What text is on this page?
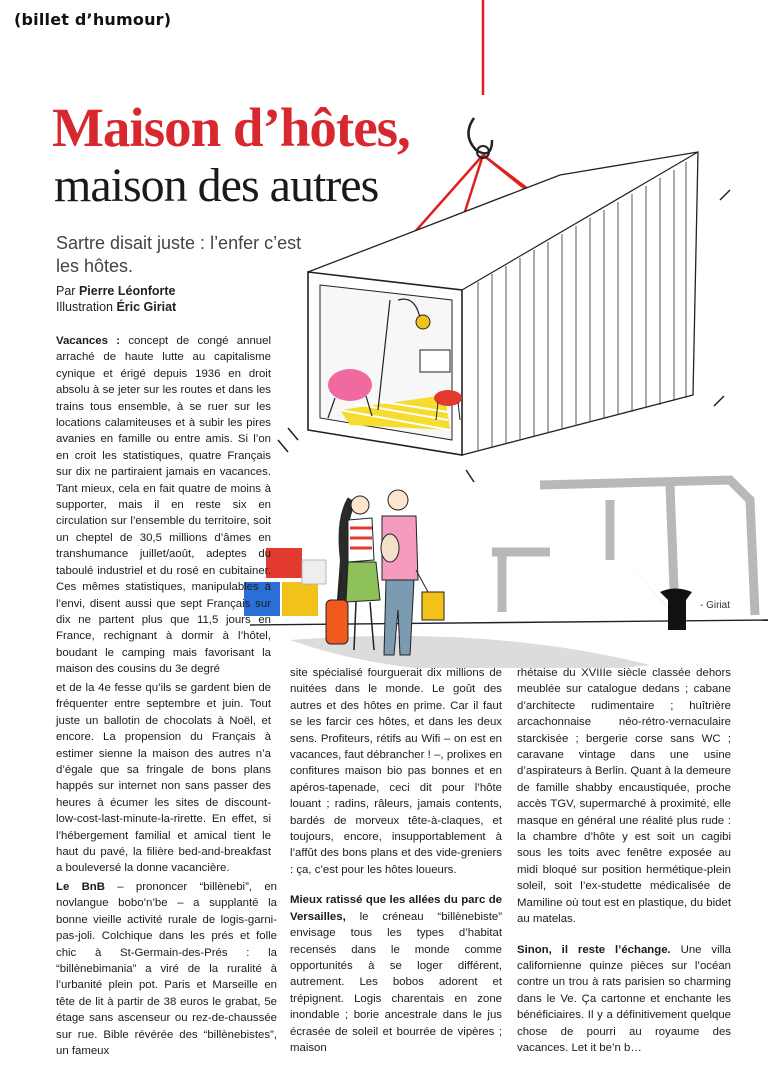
(billet d’humour)
Maison d’hôtes,
maison des autres
Sartre disait juste : l’enfer c’est les hôtes.
Par Pierre Léonforte
Illustration Éric Giriat
- Giriat

Vacances : concept de congé annuel arraché de haute lutte au capitalisme cynique et érigé depuis 1936 en droit absolu à se jeter sur les routes et dans les trains tous ensemble, à se ruer sur les locations calamiteuses et à subir les pires avanies en famille ou entre amis. Si l’on en croit les statistiques, quatre Français sur dix ne partiraient jamais en vacances. Tant mieux, cela en fait quatre de moins à supporter, mais il en reste six en circulation sur l’ensemble du territoire, soit un cheptel de 30,5 millions d’âmes en transhumance juillet/août, adeptes du taboulé industriel et du rosé en cubitainer. Ces mêmes statistiques, manipulables à l’envi, disent aussi que sept Français sur dix ne partent plus que 11,5 jours en France, rechignant à dormir à l’hôtel, boudant le camping mais favorisant la maison des cousins du 3e degré

et de la 4e fesse qu’ils se gardent bien de fréquenter entre septembre et juin. Tout juste un ballotin de chocolats à Noël, et encore. La propension du Français à estimer sienne la maison des autres n’a d’égale que sa fringale de bons plans happés sur internet non sans passer des heures à écumer les sites de discount-low-cost-last-minute-la-rirette. En effet, si l’hébergement familial et amical tient le haut du pavé, la filière bed-and-breakfast a bouleversé la donne vacancière.

Le BnB – prononcer “billènebi”, en novlangue bobo’n’be – a supplanté la bonne vieille activité rurale de logis-garni-pas-joli. Colchique dans les prés et folle chic à St-Germain-des-Prés : la “billènebimania” a viré de la ruralité à l’urbanité plein pot. Paris et Marseille en tête de lit à partir de 38 euros le grabat, 5e étage sans ascenseur ou rez-de-chaussée sur rue. Bible révérée des “billènebistes”, un fameux

site spécialisé fourguerait dix millions de nuitées dans le monde. Le goût des autres et des hôtes en prime. Car il faut se les farcir ces hôtes, et dans les deux sens. Profiteurs, rétifs au Wifi – on est en vacances, faut débrancher ! –, prolixes en confitures maison bio pas bonnes et en apéros-tapenade, ceci dit pour l’hôte louant ; radins, râleurs, jamais contents, bardés de morveux tête-à-claques, et toujours, encore, insupportablement à l’affût des bons plans et des vide-greniers : ça, c’est pour les hôtes loueurs.

Mieux ratissé que les allées du parc de Versailles, le créneau “billènebiste” envisage tous les types d’habitat recensés dans le monde comme opportunités à se loger différent, autrement. Les bobos adorent et trépignent. Logis charentais en zone inondable ; borie ancestrale dans le jus écrasée de soleil et bourrée de vipères ; maison

rhétaise du XVIIIe siècle classée dehors meublée sur catalogue dedans ; cabane d’architecte rudimentaire ; huîtrière arcachonnaise néo-rétro-vernaculaire starckisée ; bergerie corse sans WC ; caravane vintage dans une usine d’aspirateurs à Berlin. Quant à la demeure de famille shabby encaustiquée, proche accès TGV, supermarché à proximité, elle masque en général une réalité plus rude : la chambre d’hôte y est soit un cagibi sous les toits avec fenêtre exposée au midi bloqué sur position hermétique-plein soleil, soit l’ex-studette médicalisée de Mamiline où tout est en plastique, du bidet au matelas.

Sinon, il reste l’échange. Une villa californienne quinze pièces sur l’océan contre un trou à rats parisien so charming dans le Ve. Ça cartonne et enchante les bénéficiaires. Il y a définitivement quelque chose de pourri au royaume des vacances. Let it be’n b…
